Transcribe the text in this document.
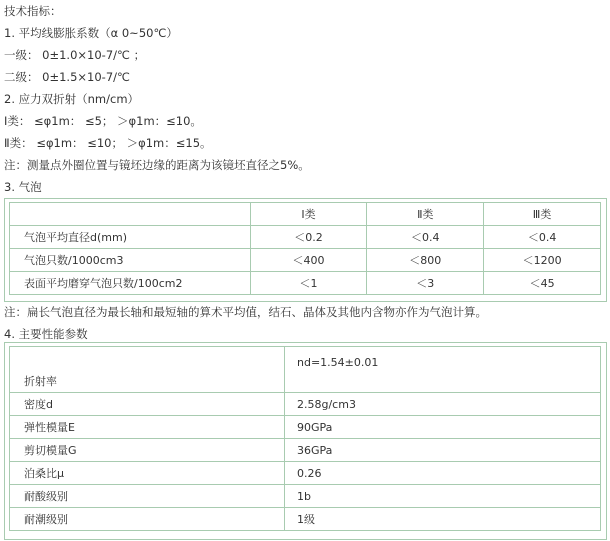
技术指标：
1. 平均线膨胀系数（α 0~50℃）
一级： 0±1.0×10-7/℃ ；
二级： 0±1.5×10-7/℃
2. 应力双折射（nm/cm）
Ⅰ类： ≤φ1m： ≤5； ＞φ1m：≤10。
Ⅱ类： ≤φ1m： ≤10； ＞φ1m：≤15。
注：测量点外圈位置与镜坯边缘的距离为该镜坯直径之5%。
3. 气泡
	Ⅰ类	Ⅱ类	Ⅲ类
气泡平均直径d(mm)	＜0.2	＜0.4	＜0.4
气泡只数/1000cm3	＜400	＜800	＜1200
表面平均磨穿气泡只数/100cm2	＜1	＜3	＜45
注：扁长气泡直径为最长轴和最短轴的算术平均值，结石、晶体及其他内含物亦作为气泡计算。
4. 主要性能参数
折射率	nd=1.54±0.01
密度d	2.58g/cm3
弹性模量E	90GPa
剪切模量G	36GPa
泊桑比μ	0.26
耐酸级别	1b
耐潮级别	1级
